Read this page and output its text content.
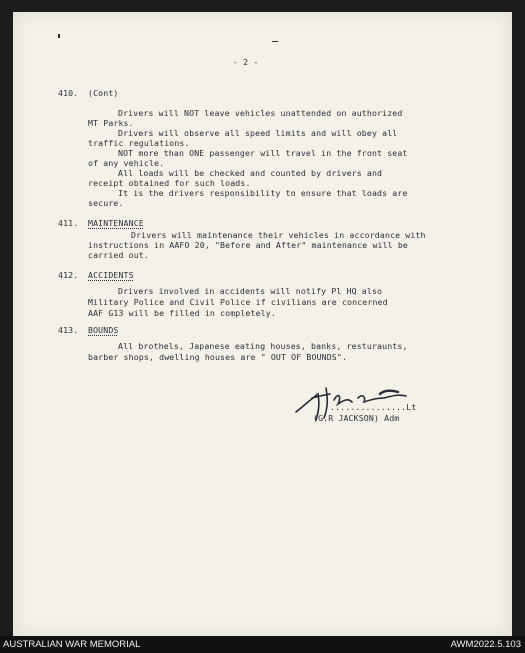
- 2 -
410. (Cont)
Drivers will NOT leave vehicles unattended on authorized
MT Parks.
Drivers will observe all speed limits and will obey all
traffic regulations.
NOT more than ONE passenger will travel in the front seat
of any vehicle.
All loads will be checked and counted by drivers and
receipt obtained for such loads.
It is the drivers responsibility to ensure that loads are
secure.
411. MAINTENANCE
Drivers will maintenance their vehicles in accordance with
instructions in AAFO 20, "Before and After" maintenance will be
carried out.
412. ACCIDENTS
Drivers involved in accidents will notify Pl HQ also
Military Police and Civil Police if civilians are concerned
AAF G13 will be filled in completely.
413. BOUNDS
All brothels, Japanese eating houses, banks, resturaunts,
barber shops, dwelling houses are " OUT OF BOUNDS".
...............Lt
(G.R JACKSON) Adm
AUSTRALIAN WAR MEMORIAL	AWM2022.5.103
